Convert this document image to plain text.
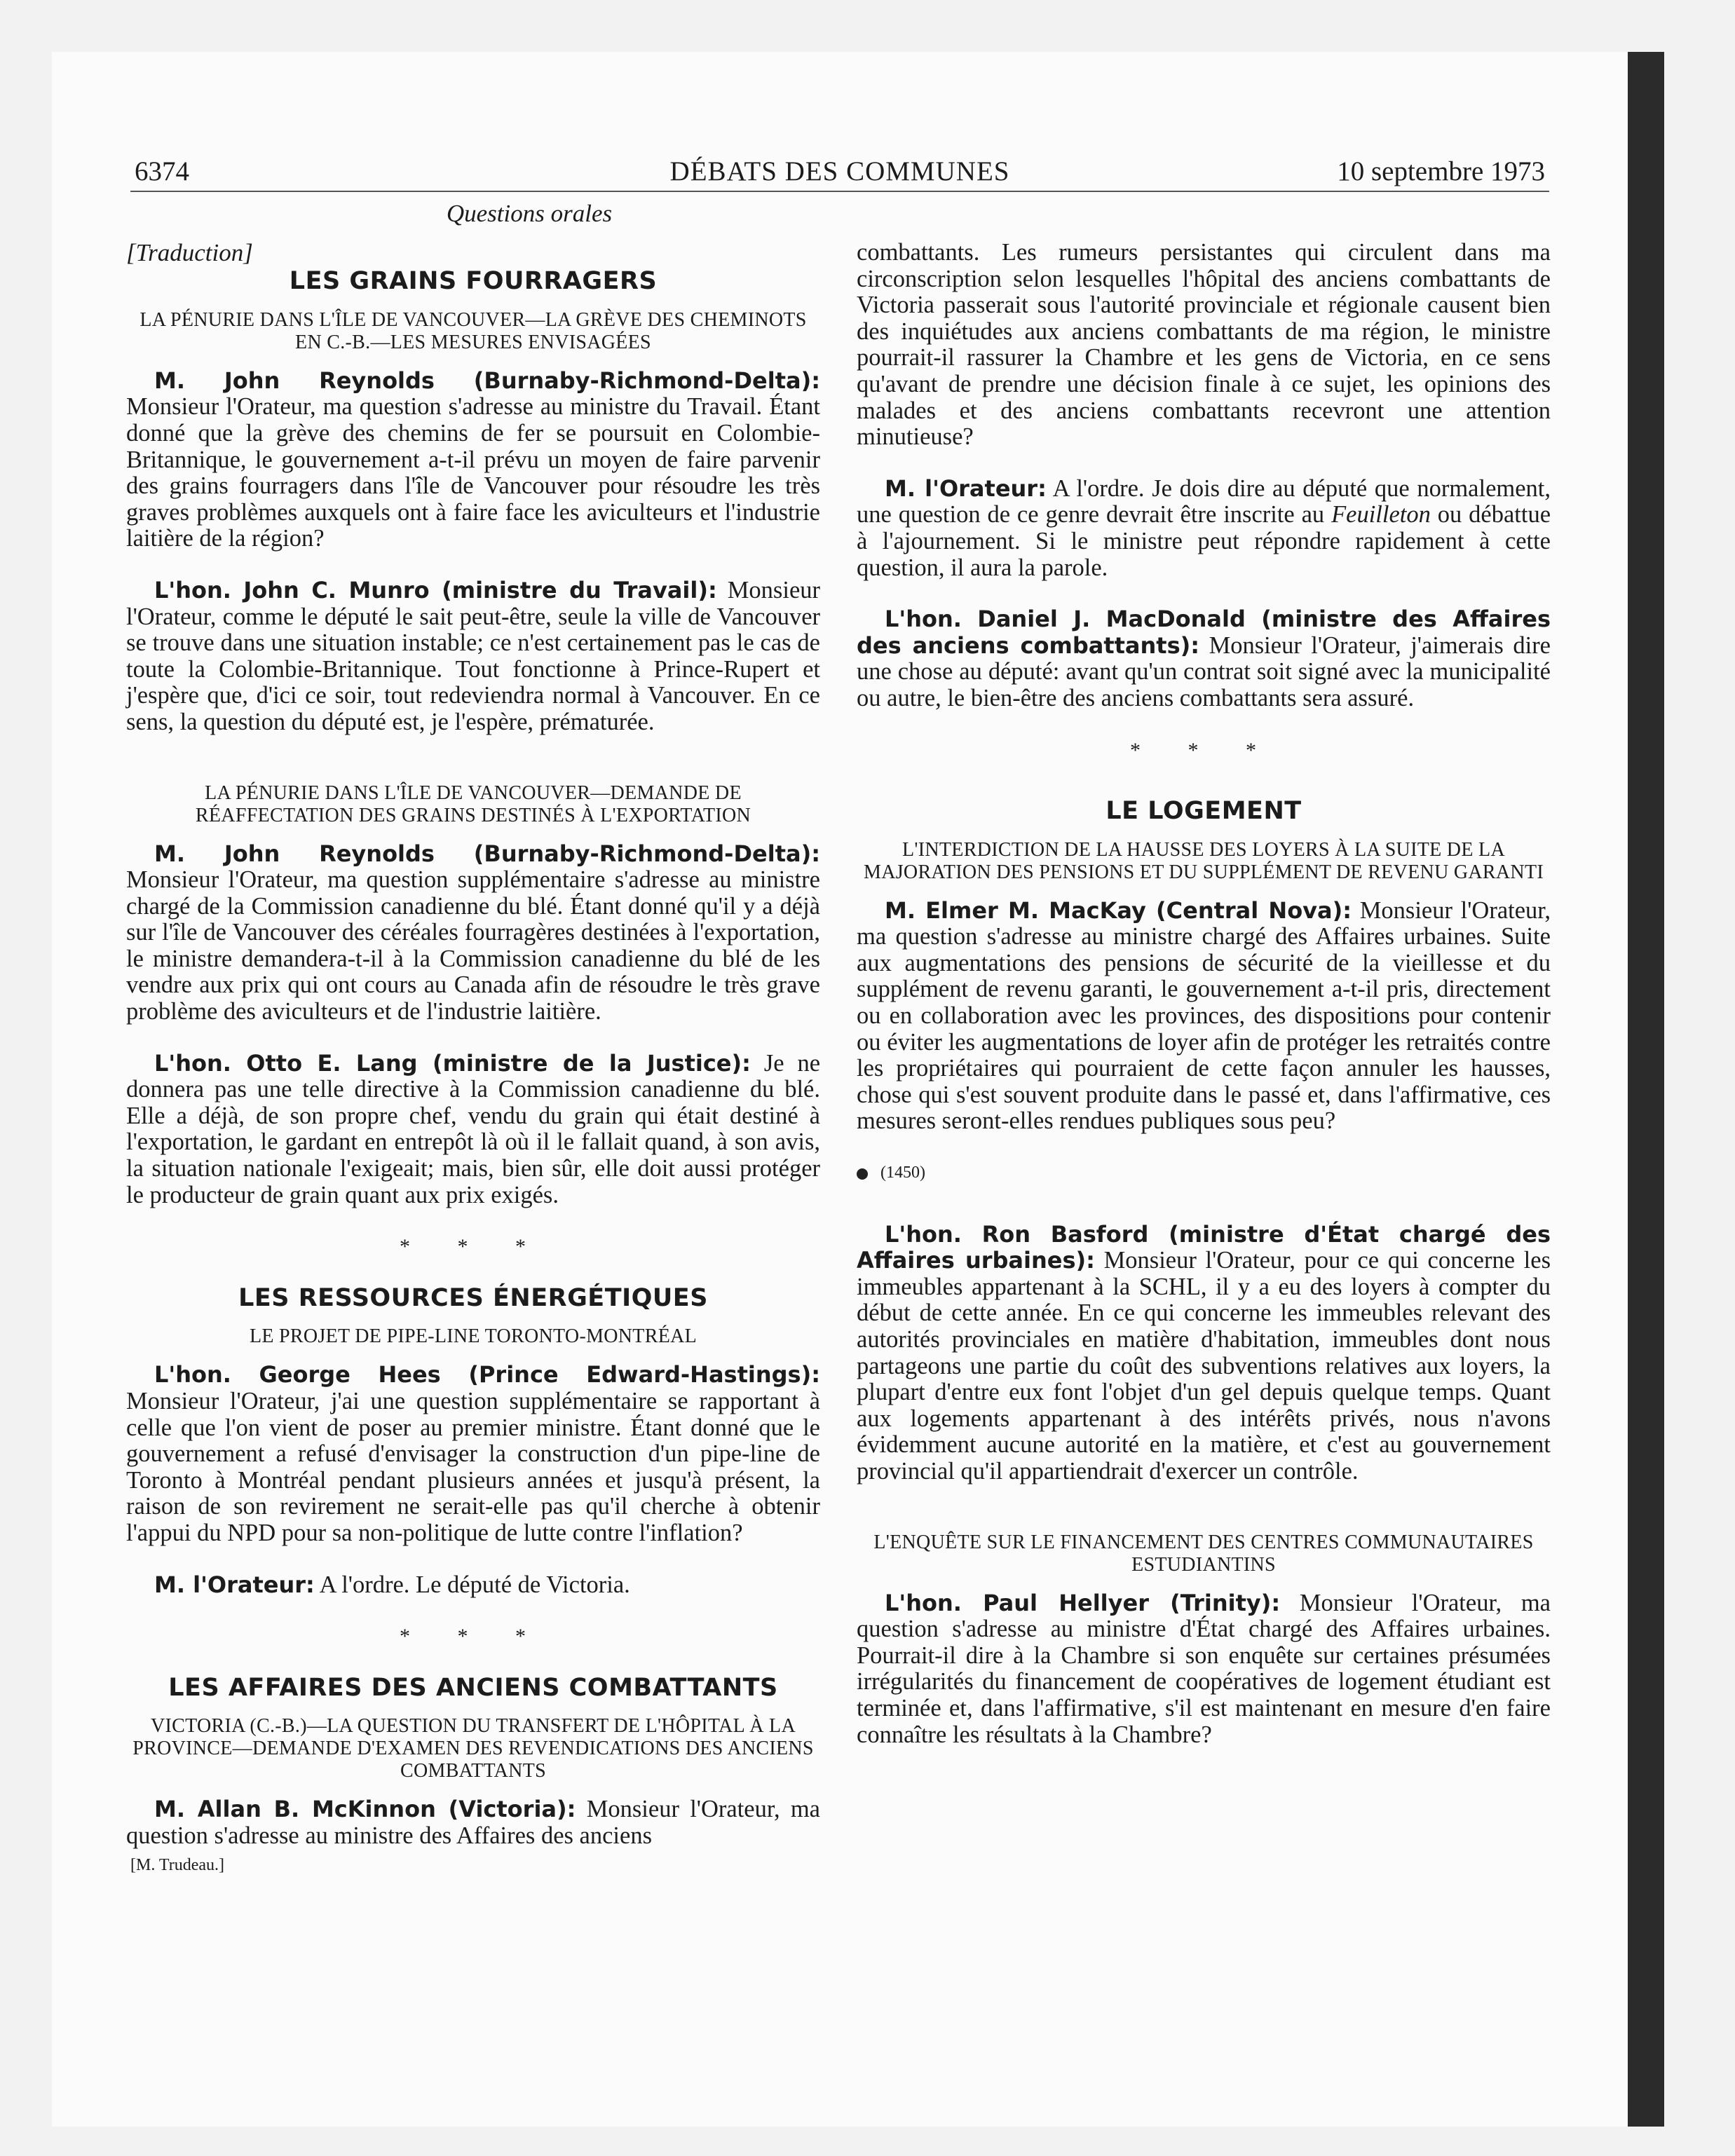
6374	DÉBATS DES COMMUNES	10 septembre 1973
Questions orales
[Traduction]
LES GRAINS FOURRAGERS
LA PÉNURIE DANS L'ÎLE DE VANCOUVER—LA GRÈVE DES CHEMINOTS EN C.-B.—LES MESURES ENVISAGÉES

M. John Reynolds (Burnaby-Richmond-Delta): Monsieur l'Orateur, ma question s'adresse au ministre du Travail. Étant donné que la grève des chemins de fer se poursuit en Colombie-Britannique, le gouvernement a-t-il prévu un moyen de faire parvenir des grains fourragers dans l'île de Vancouver pour résoudre les très graves problèmes auxquels ont à faire face les aviculteurs et l'industrie laitière de la région?

L'hon. John C. Munro (ministre du Travail): Monsieur l'Orateur, comme le député le sait peut-être, seule la ville de Vancouver se trouve dans une situation instable; ce n'est certainement pas le cas de toute la Colombie-Britannique. Tout fonctionne à Prince-Rupert et j'espère que, d'ici ce soir, tout redeviendra normal à Vancouver. En ce sens, la question du député est, je l'espère, prématurée.

LA PÉNURIE DANS L'ÎLE DE VANCOUVER—DEMANDE DE RÉAFFECTATION DES GRAINS DESTINÉS À L'EXPORTATION

M. John Reynolds (Burnaby-Richmond-Delta): Monsieur l'Orateur, ma question supplémentaire s'adresse au ministre chargé de la Commission canadienne du blé. Étant donné qu'il y a déjà sur l'île de Vancouver des céréales fourragères destinées à l'exportation, le ministre demandera-t-il à la Commission canadienne du blé de les vendre aux prix qui ont cours au Canada afin de résoudre le très grave problème des aviculteurs et de l'industrie laitière.

L'hon. Otto E. Lang (ministre de la Justice): Je ne donnera pas une telle directive à la Commission canadienne du blé. Elle a déjà, de son propre chef, vendu du grain qui était destiné à l'exportation, le gardant en entrepôt là où il le fallait quand, à son avis, la situation nationale l'exigeait; mais, bien sûr, elle doit aussi protéger le producteur de grain quant aux prix exigés.

* * *
LES RESSOURCES ÉNERGÉTIQUES
LE PROJET DE PIPE-LINE TORONTO-MONTRÉAL

L'hon. George Hees (Prince Edward-Hastings): Monsieur l'Orateur, j'ai une question supplémentaire se rapportant à celle que l'on vient de poser au premier ministre. Étant donné que le gouvernement a refusé d'envisager la construction d'un pipe-line de Toronto à Montréal pendant plusieurs années et jusqu'à présent, la raison de son revirement ne serait-elle pas qu'il cherche à obtenir l'appui du NPD pour sa non-politique de lutte contre l'inflation?

M. l'Orateur: A l'ordre. Le député de Victoria.

* * *
LES AFFAIRES DES ANCIENS COMBATTANTS
VICTORIA (C.-B.)—LA QUESTION DU TRANSFERT DE L'HÔPITAL À LA PROVINCE—DEMANDE D'EXAMEN DES REVENDICATIONS DES ANCIENS COMBATTANTS

M. Allan B. McKinnon (Victoria): Monsieur l'Orateur, ma question s'adresse au ministre des Affaires des anciens

[M. Trudeau.]

combattants. Les rumeurs persistantes qui circulent dans ma circonscription selon lesquelles l'hôpital des anciens combattants de Victoria passerait sous l'autorité provinciale et régionale causent bien des inquiétudes aux anciens combattants de ma région, le ministre pourrait-il rassurer la Chambre et les gens de Victoria, en ce sens qu'avant de prendre une décision finale à ce sujet, les opinions des malades et des anciens combattants recevront une attention minutieuse?

M. l'Orateur: A l'ordre. Je dois dire au député que normalement, une question de ce genre devrait être inscrite au Feuilleton ou débattue à l'ajournement. Si le ministre peut répondre rapidement à cette question, il aura la parole.

L'hon. Daniel J. MacDonald (ministre des Affaires des anciens combattants): Monsieur l'Orateur, j'aimerais dire une chose au député: avant qu'un contrat soit signé avec la municipalité ou autre, le bien-être des anciens combattants sera assuré.

* * *
LE LOGEMENT
L'INTERDICTION DE LA HAUSSE DES LOYERS À LA SUITE DE LA MAJORATION DES PENSIONS ET DU SUPPLÉMENT DE REVENU GARANTI

M. Elmer M. MacKay (Central Nova): Monsieur l'Orateur, ma question s'adresse au ministre chargé des Affaires urbaines. Suite aux augmentations des pensions de sécurité de la vieillesse et du supplément de revenu garanti, le gouvernement a-t-il pris, directement ou en collaboration avec les provinces, des dispositions pour contenir ou éviter les augmentations de loyer afin de protéger les retraités contre les propriétaires qui pourraient de cette façon annuler les hausses, chose qui s'est souvent produite dans le passé et, dans l'affirmative, ces mesures seront-elles rendues publiques sous peu?

(1450)

L'hon. Ron Basford (ministre d'État chargé des Affaires urbaines): Monsieur l'Orateur, pour ce qui concerne les immeubles appartenant à la SCHL, il y a eu des loyers à compter du début de cette année. En ce qui concerne les immeubles relevant des autorités provinciales en matière d'habitation, immeubles dont nous partageons une partie du coût des subventions relatives aux loyers, la plupart d'entre eux font l'objet d'un gel depuis quelque temps. Quant aux logements appartenant à des intérêts privés, nous n'avons évidemment aucune autorité en la matière, et c'est au gouvernement provincial qu'il appartiendrait d'exercer un contrôle.

L'ENQUÊTE SUR LE FINANCEMENT DES CENTRES COMMUNAUTAIRES ESTUDIANTINS

L'hon. Paul Hellyer (Trinity): Monsieur l'Orateur, ma question s'adresse au ministre d'État chargé des Affaires urbaines. Pourrait-il dire à la Chambre si son enquête sur certaines présumées irrégularités du financement de coopératives de logement étudiant est terminée et, dans l'affirmative, s'il est maintenant en mesure d'en faire connaître les résultats à la Chambre?
